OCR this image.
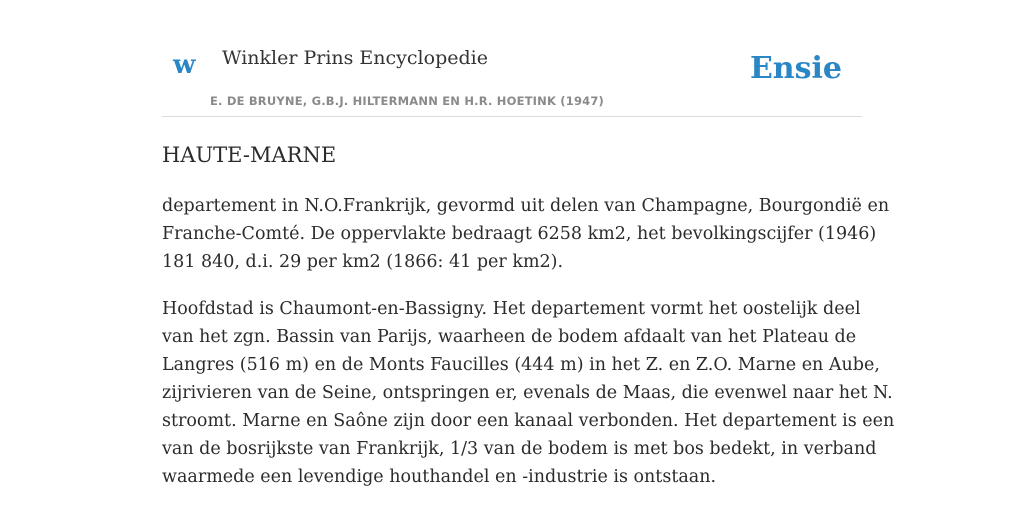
w Winkler Prins Encyclopedie
E. DE BRUYNE, G.B.J. HILTERMANN EN H.R. HOETINK (1947)
Ensie
HAUTE-MARNE

departement in N.O.Frankrijk, gevormd uit delen van Champagne, Bourgondië en
Franche-Comté. De oppervlakte bedraagt 6258 km2, het bevolkingscijfer (1946)
181 840, d.i. 29 per km2 (1866: 41 per km2).

Hoofdstad is Chaumont-en-Bassigny. Het departement vormt het oostelijk deel
van het zgn. Bassin van Parijs, waarheen de bodem afdaalt van het Plateau de
Langres (516 m) en de Monts Faucilles (444 m) in het Z. en Z.O. Marne en Aube,
zijrivieren van de Seine, ontspringen er, evenals de Maas, die evenwel naar het N.
stroomt. Marne en Saône zijn door een kanaal verbonden. Het departement is een
van de bosrijkste van Frankrijk, 1/3 van de bodem is met bos bedekt, in verband
waarmede een levendige houthandel en -industrie is ontstaan.
